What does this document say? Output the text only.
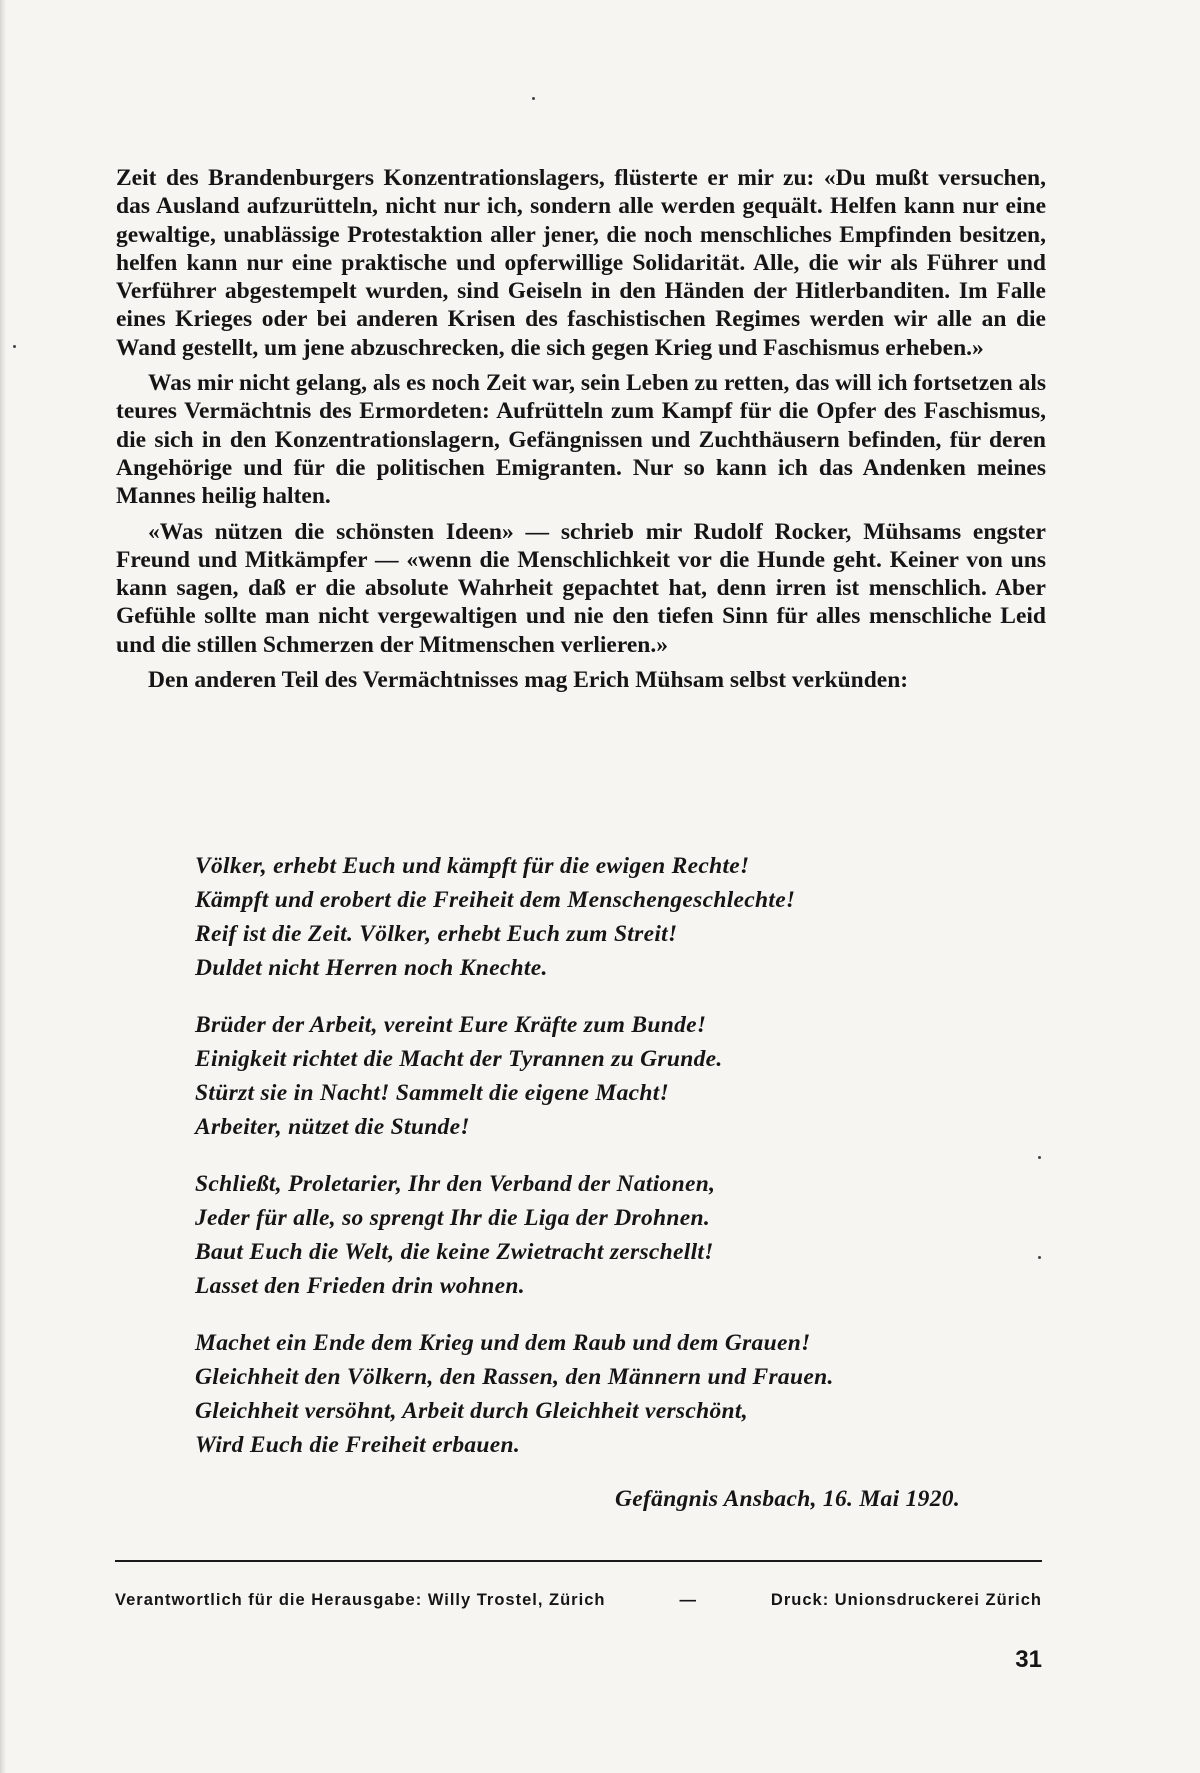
Zeit des Brandenburgers Konzentrationslagers, flüsterte er mir zu: «Du mußt versuchen, das Ausland aufzurütteln, nicht nur ich, sondern alle werden gequält. Helfen kann nur eine gewaltige, unablässige Protestaktion aller jener, die noch menschliches Empfinden besitzen, helfen kann nur eine praktische und opferwillige Solidarität. Alle, die wir als Führer und Verführer abgestempelt wurden, sind Geiseln in den Händen der Hitlerbanditen. Im Falle eines Krieges oder bei anderen Krisen des faschistischen Regimes werden wir alle an die Wand gestellt, um jene abzuschrecken, die sich gegen Krieg und Faschismus erheben.»

Was mir nicht gelang, als es noch Zeit war, sein Leben zu retten, das will ich fortsetzen als teures Vermächtnis des Ermordeten: Aufrütteln zum Kampf für die Opfer des Faschismus, die sich in den Konzentrationslagern, Gefängnissen und Zuchthäusern befinden, für deren Angehörige und für die politischen Emigranten. Nur so kann ich das Andenken meines Mannes heilig halten.

«Was nützen die schönsten Ideen» — schrieb mir Rudolf Rocker, Mühsams engster Freund und Mitkämpfer — «wenn die Menschlichkeit vor die Hunde geht. Keiner von uns kann sagen, daß er die absolute Wahrheit gepachtet hat, denn irren ist menschlich. Aber Gefühle sollte man nicht vergewaltigen und nie den tiefen Sinn für alles menschliche Leid und die stillen Schmerzen der Mitmenschen verlieren.»

Den anderen Teil des Vermächtnisses mag Erich Mühsam selbst verkünden:

Völker, erhebt Euch und kämpft für die ewigen Rechte!
Kämpft und erobert die Freiheit dem Menschengeschlechte!
Reif ist die Zeit. Völker, erhebt Euch zum Streit!
Duldet nicht Herren noch Knechte.
Brüder der Arbeit, vereint Eure Kräfte zum Bunde!
Einigkeit richtet die Macht der Tyrannen zu Grunde.
Stürzt sie in Nacht! Sammelt die eigene Macht!
Arbeiter, nützet die Stunde!
Schließt, Proletarier, Ihr den Verband der Nationen,
Jeder für alle, so sprengt Ihr die Liga der Drohnen.
Baut Euch die Welt, die keine Zwietracht zerschellt!
Lasset den Frieden drin wohnen.
Machet ein Ende dem Krieg und dem Raub und dem Grauen!
Gleichheit den Völkern, den Rassen, den Männern und Frauen.
Gleichheit versöhnt, Arbeit durch Gleichheit verschönt,
Wird Euch die Freiheit erbauen.
Gefängnis Ansbach, 16. Mai 1920.
Verantwortlich für die Herausgabe: Willy Trostel, Zürich	—	Druck: Unionsdruckerei Zürich
31
